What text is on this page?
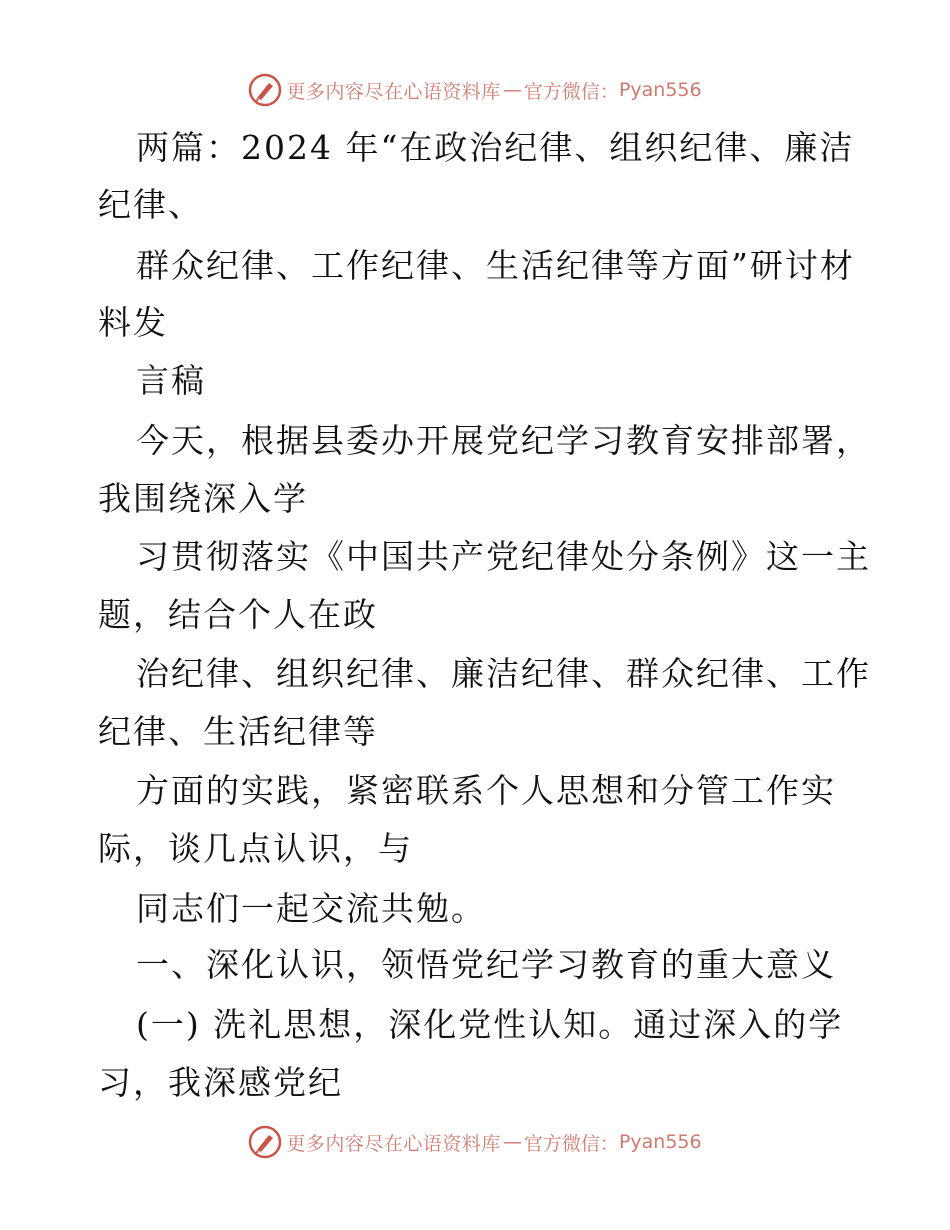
更多内容尽在心语资料库 — 官方微信： Pyan556
两篇：2024 年“在政治纪律、组织纪律、廉洁
纪律、
群众纪律、工作纪律、生活纪律等方面”研讨材
料发
言稿
今天，根据县委办开展党纪学习教育安排部署，
我围绕深入学
习贯彻落实《中国共产党纪律处分条例》这一主
题，结合个人在政
治纪律、组织纪律、廉洁纪律、群众纪律、工作
纪律、生活纪律等
方面的实践，紧密联系个人思想和分管工作实
际，谈几点认识，与
同志们一起交流共勉。
一、深化认识，领悟党纪学习教育的重大意义
(一) 洗礼思想，深化党性认知。通过深入的学
习，我深感党纪
更多内容尽在心语资料库 — 官方微信： Pyan556
